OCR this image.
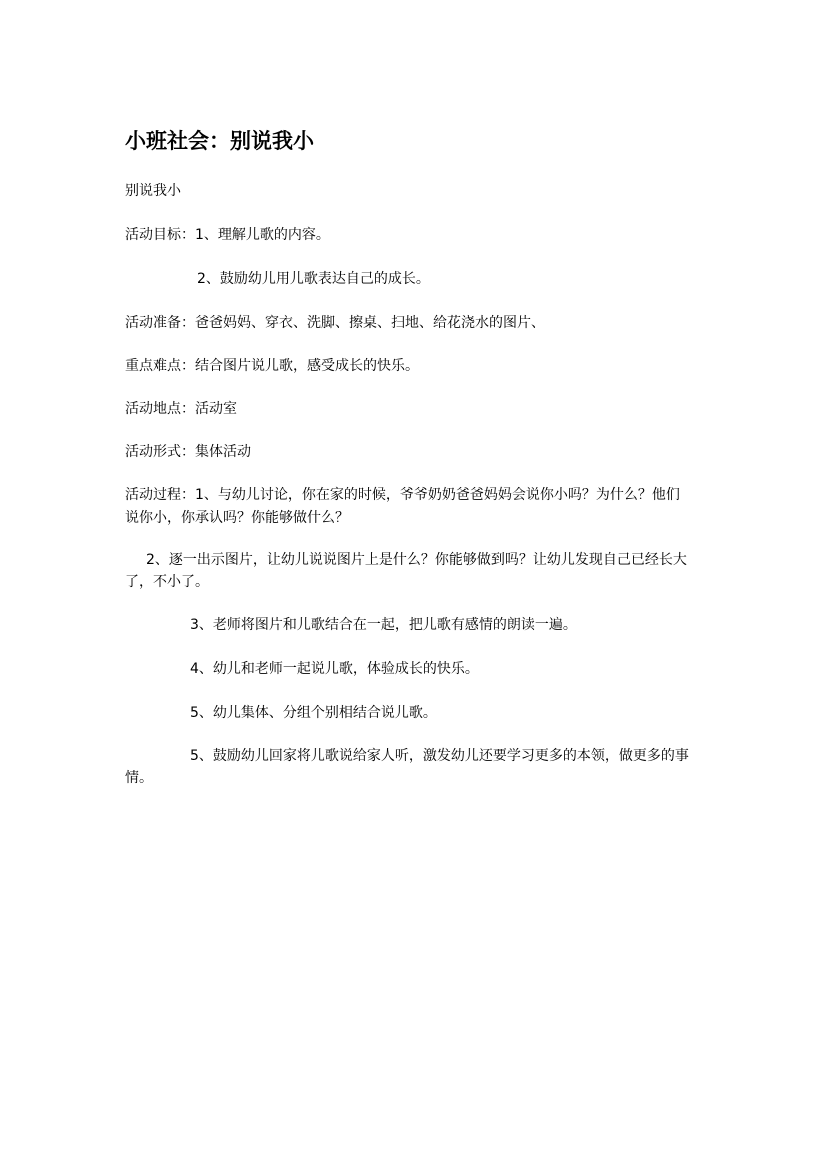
小班社会：别说我小
别说我小
活动目标：1、理解儿歌的内容。
2、鼓励幼儿用儿歌表达自己的成长。
活动准备：爸爸妈妈、穿衣、洗脚、擦桌、扫地、给花浇水的图片、
重点难点：结合图片说儿歌，感受成长的快乐。
活动地点：活动室
活动形式：集体活动
活动过程：1、与幼儿讨论，你在家的时候，爷爷奶奶爸爸妈妈会说你小吗？为什么？他们
说你小，你承认吗？你能够做什么？
2、逐一出示图片，让幼儿说说图片上是什么？你能够做到吗？让幼儿发现自己已经长大
了，不小了。
3、老师将图片和儿歌结合在一起，把儿歌有感情的朗读一遍。
4、幼儿和老师一起说儿歌，体验成长的快乐。
5、幼儿集体、分组个别相结合说儿歌。
5、鼓励幼儿回家将儿歌说给家人听，激发幼儿还要学习更多的本领，做更多的事
情。
